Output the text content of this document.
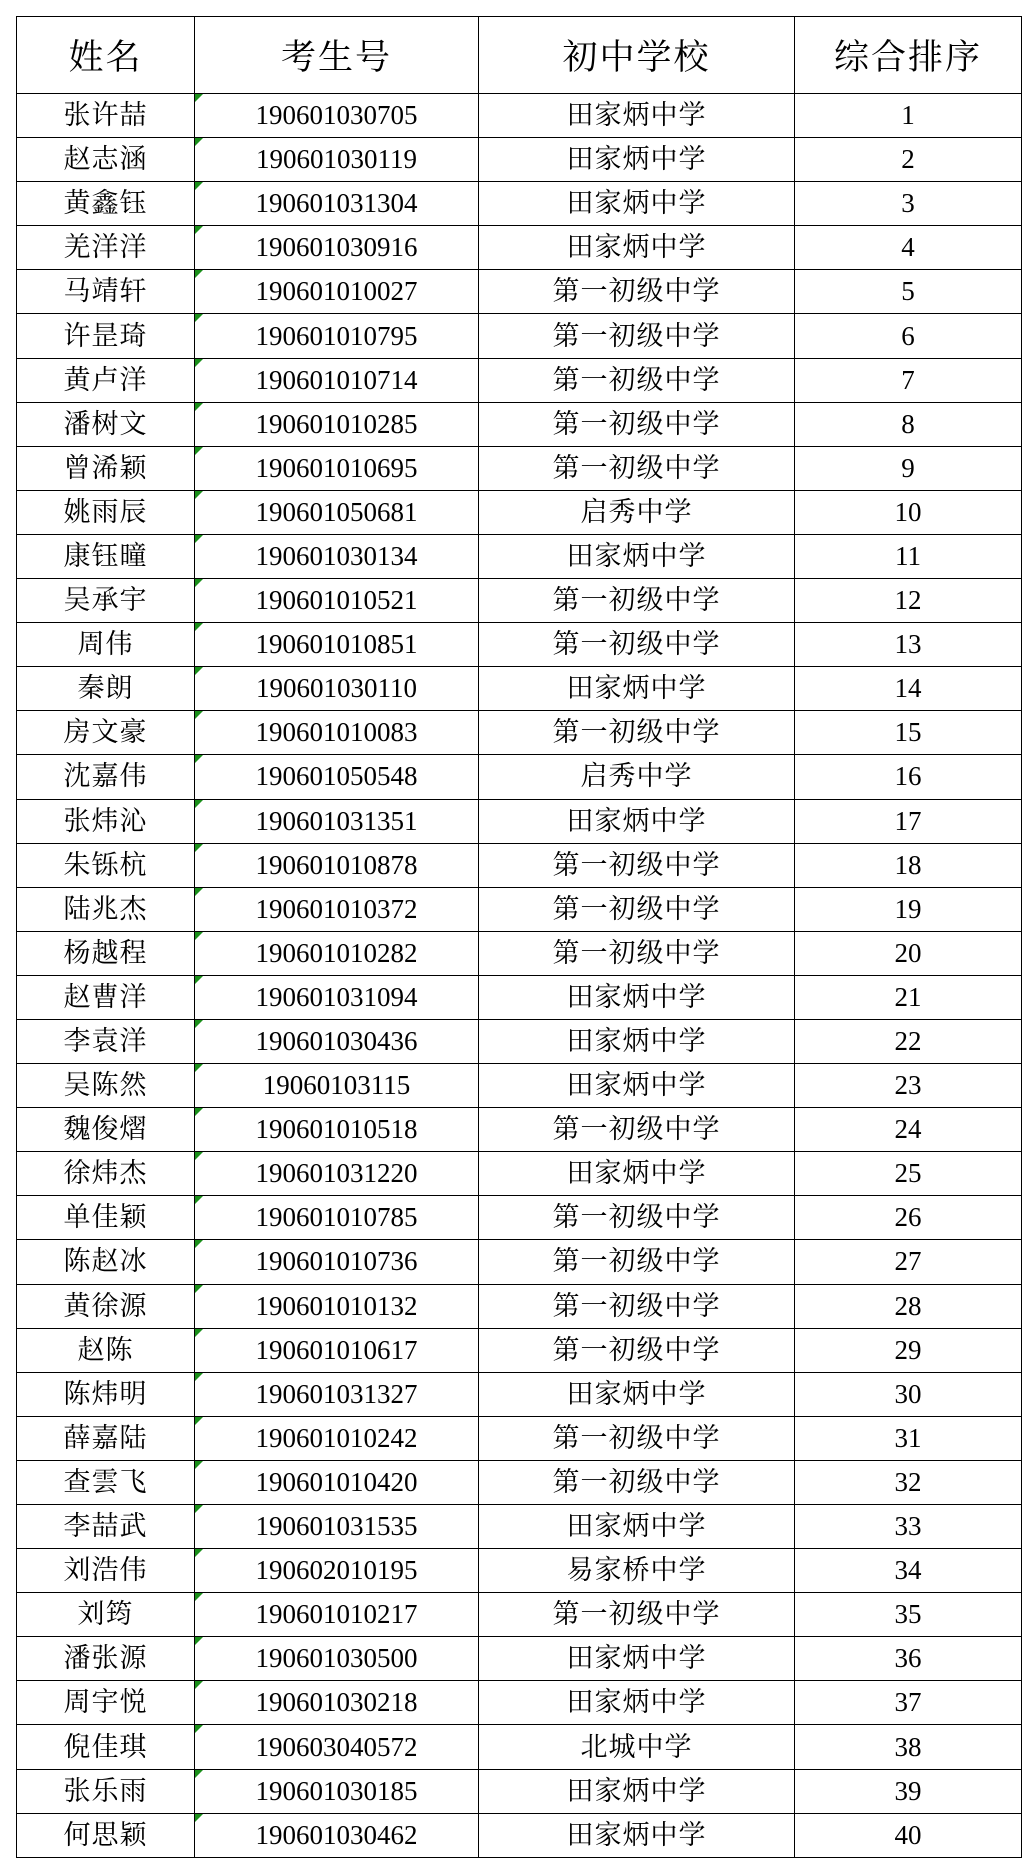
姓名	考生号	初中学校	综合排序
张许喆	190601030705	田家炳中学	1
赵志涵	190601030119	田家炳中学	2
黄鑫钰	190601031304	田家炳中学	3
羌洋洋	190601030916	田家炳中学	4
马靖轩	190601010027	第一初级中学	5
许昰琦	190601010795	第一初级中学	6
黄卢洋	190601010714	第一初级中学	7
潘树文	190601010285	第一初级中学	8
曾浠颖	190601010695	第一初级中学	9
姚雨辰	190601050681	启秀中学	10
康钰曈	190601030134	田家炳中学	11
吴承宇	190601010521	第一初级中学	12
周伟	190601010851	第一初级中学	13
秦朗	190601030110	田家炳中学	14
房文豪	190601010083	第一初级中学	15
沈嘉伟	190601050548	启秀中学	16
张炜沁	190601031351	田家炳中学	17
朱铄杭	190601010878	第一初级中学	18
陆兆杰	190601010372	第一初级中学	19
杨越程	190601010282	第一初级中学	20
赵曹洋	190601031094	田家炳中学	21
李袁洋	190601030436	田家炳中学	22
吴陈然	19060103115	田家炳中学	23
魏俊熠	190601010518	第一初级中学	24
徐炜杰	190601031220	田家炳中学	25
单佳颖	190601010785	第一初级中学	26
陈赵冰	190601010736	第一初级中学	27
黄徐源	190601010132	第一初级中学	28
赵陈	190601010617	第一初级中学	29
陈炜明	190601031327	田家炳中学	30
薛嘉陆	190601010242	第一初级中学	31
查雲飞	190601010420	第一初级中学	32
李喆武	190601031535	田家炳中学	33
刘浩伟	190602010195	易家桥中学	34
刘筠	190601010217	第一初级中学	35
潘张源	190601030500	田家炳中学	36
周宇悦	190601030218	田家炳中学	37
倪佳琪	190603040572	北城中学	38
张乐雨	190601030185	田家炳中学	39
何思颖	190601030462	田家炳中学	40
